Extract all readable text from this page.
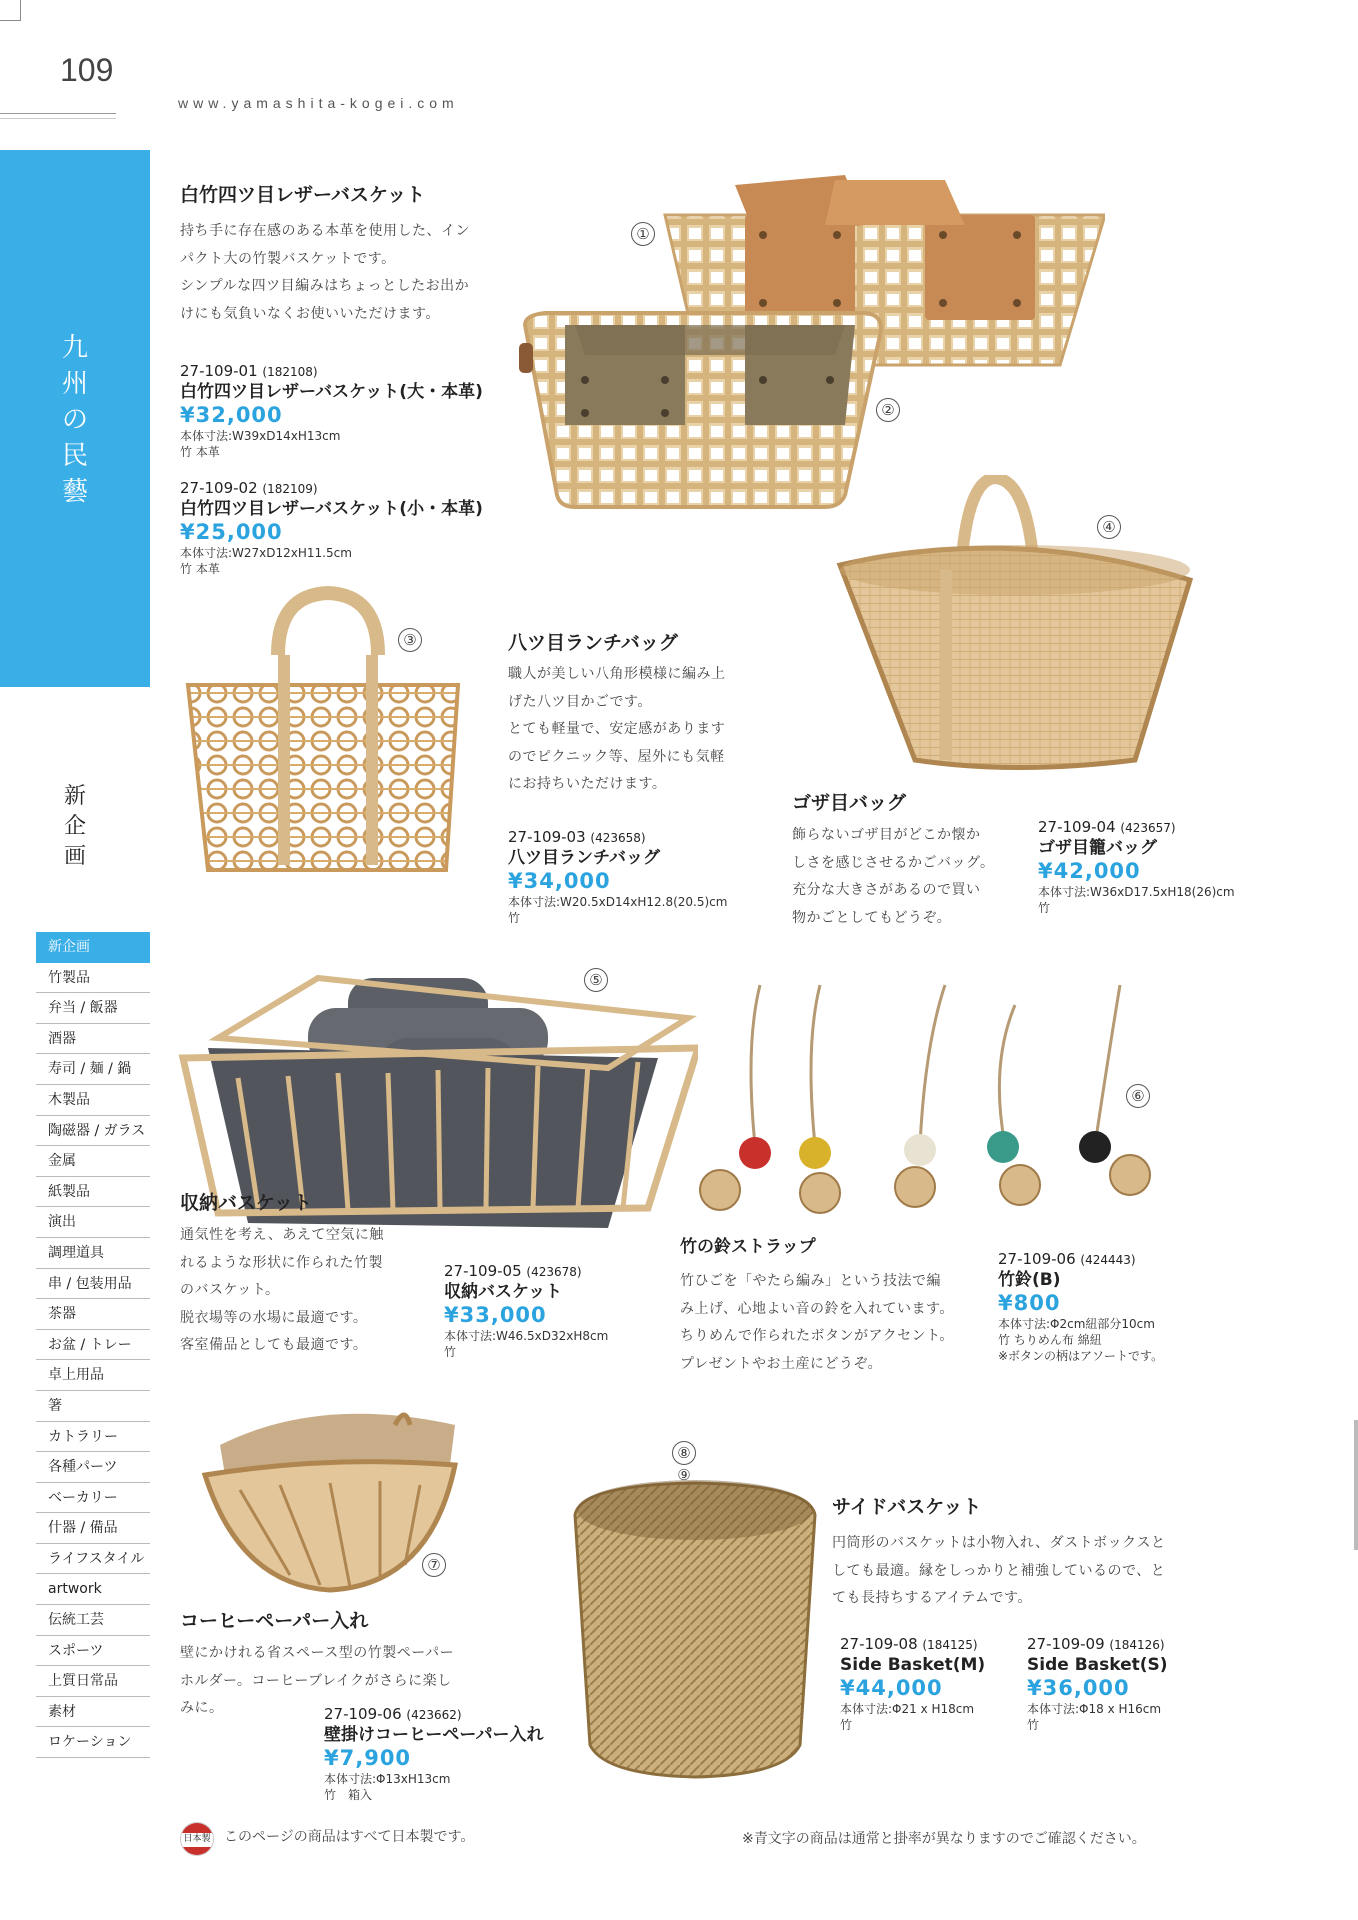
109
www.yamashita-kogei.com
九
州
の
民
藝
新
企
画
新企画
竹製品
弁当 / 飯器
酒器
寿司 / 麺 / 鍋
木製品
陶磁器 / ガラス
金属
紙製品
演出
調理道具
串 / 包装用品
茶器
お盆 / トレー
卓上用品
箸
カトラリー
各種パーツ
ベーカリー
什器 / 備品
ライフスタイル
artwork
伝統工芸
スポーツ
上質日常品
素材
ロケーション
白竹四ツ目レザーバスケット
持ち手に存在感のある本革を使用した、イン
パクト大の竹製バスケットです。
シンプルな四ツ目編みはちょっとしたお出か
けにも気負いなくお使いいただけます。
27-109-01 (182108)
白竹四ツ目レザーバスケット(大・本革)
¥32,000
本体寸法:W39xD14xH13cm
竹 本革
27-109-02 (182109)
白竹四ツ目レザーバスケット(小・本革)
¥25,000
本体寸法:W27xD12xH11.5cm
竹 本革
①
②
③	八ツ目ランチバッグ
職人が美しい八角形模様に編み上
げた八ツ目かごです。
とても軽量で、安定感があります
のでピクニック等、屋外にも気軽
にお持ちいただけます。
27-109-03 (423658)
八ツ目ランチバッグ
¥34,000
本体寸法:W20.5xD14xH12.8(20.5)cm
竹
④
ゴザ目バッグ
飾らないゴザ目がどこか懐か
しさを感じさせるかごバッグ。
充分な大きさがあるので買い
物かごとしてもどうぞ。
27-109-04 (423657)
ゴザ目籠バッグ
¥42,000
本体寸法:W36xD17.5xH18(26)cm
竹
⑤
収納バスケット
通気性を考え、あえて空気に触
れるような形状に作られた竹製
のバスケット。
脱衣場等の水場に最適です。
客室備品としても最適です。
27-109-05 (423678)
収納バスケット
¥33,000
本体寸法:W46.5xD32xH8cm
竹
⑥
竹の鈴ストラップ
竹ひごを「やたら編み」という技法で編
み上げ、心地よい音の鈴を入れています。
ちりめんで作られたボタンがアクセント。
プレゼントやお土産にどうぞ。
27-109-06 (424443)
竹鈴(B)
¥800
本体寸法:Φ2cm紐部分10cm
竹 ちりめん布 綿紐
※ボタンの柄はアソートです。
⑦
コーヒーペーパー入れ
壁にかけれる省スペース型の竹製ペーパー
ホルダー。コーヒーブレイクがさらに楽し
みに。	27-109-06 (423662)
壁掛けコーヒーペーパー入れ
¥7,900
本体寸法:Φ13xH13cm
竹　箱入
⑧ ⑨
サイドバスケット
円筒形のバスケットは小物入れ、ダストボックスと
しても最適。縁をしっかりと補強しているので、と
ても長持ちするアイテムです。
27-109-08 (184125)
Side Basket(M)
¥44,000
本体寸法:Φ21 x H18cm
竹
27-109-09 (184126)
Side Basket(S)
¥36,000
本体寸法:Φ18 x H16cm
竹
日本製 このページの商品はすべて日本製です。	※青文字の商品は通常と掛率が異なりますのでご確認ください。
